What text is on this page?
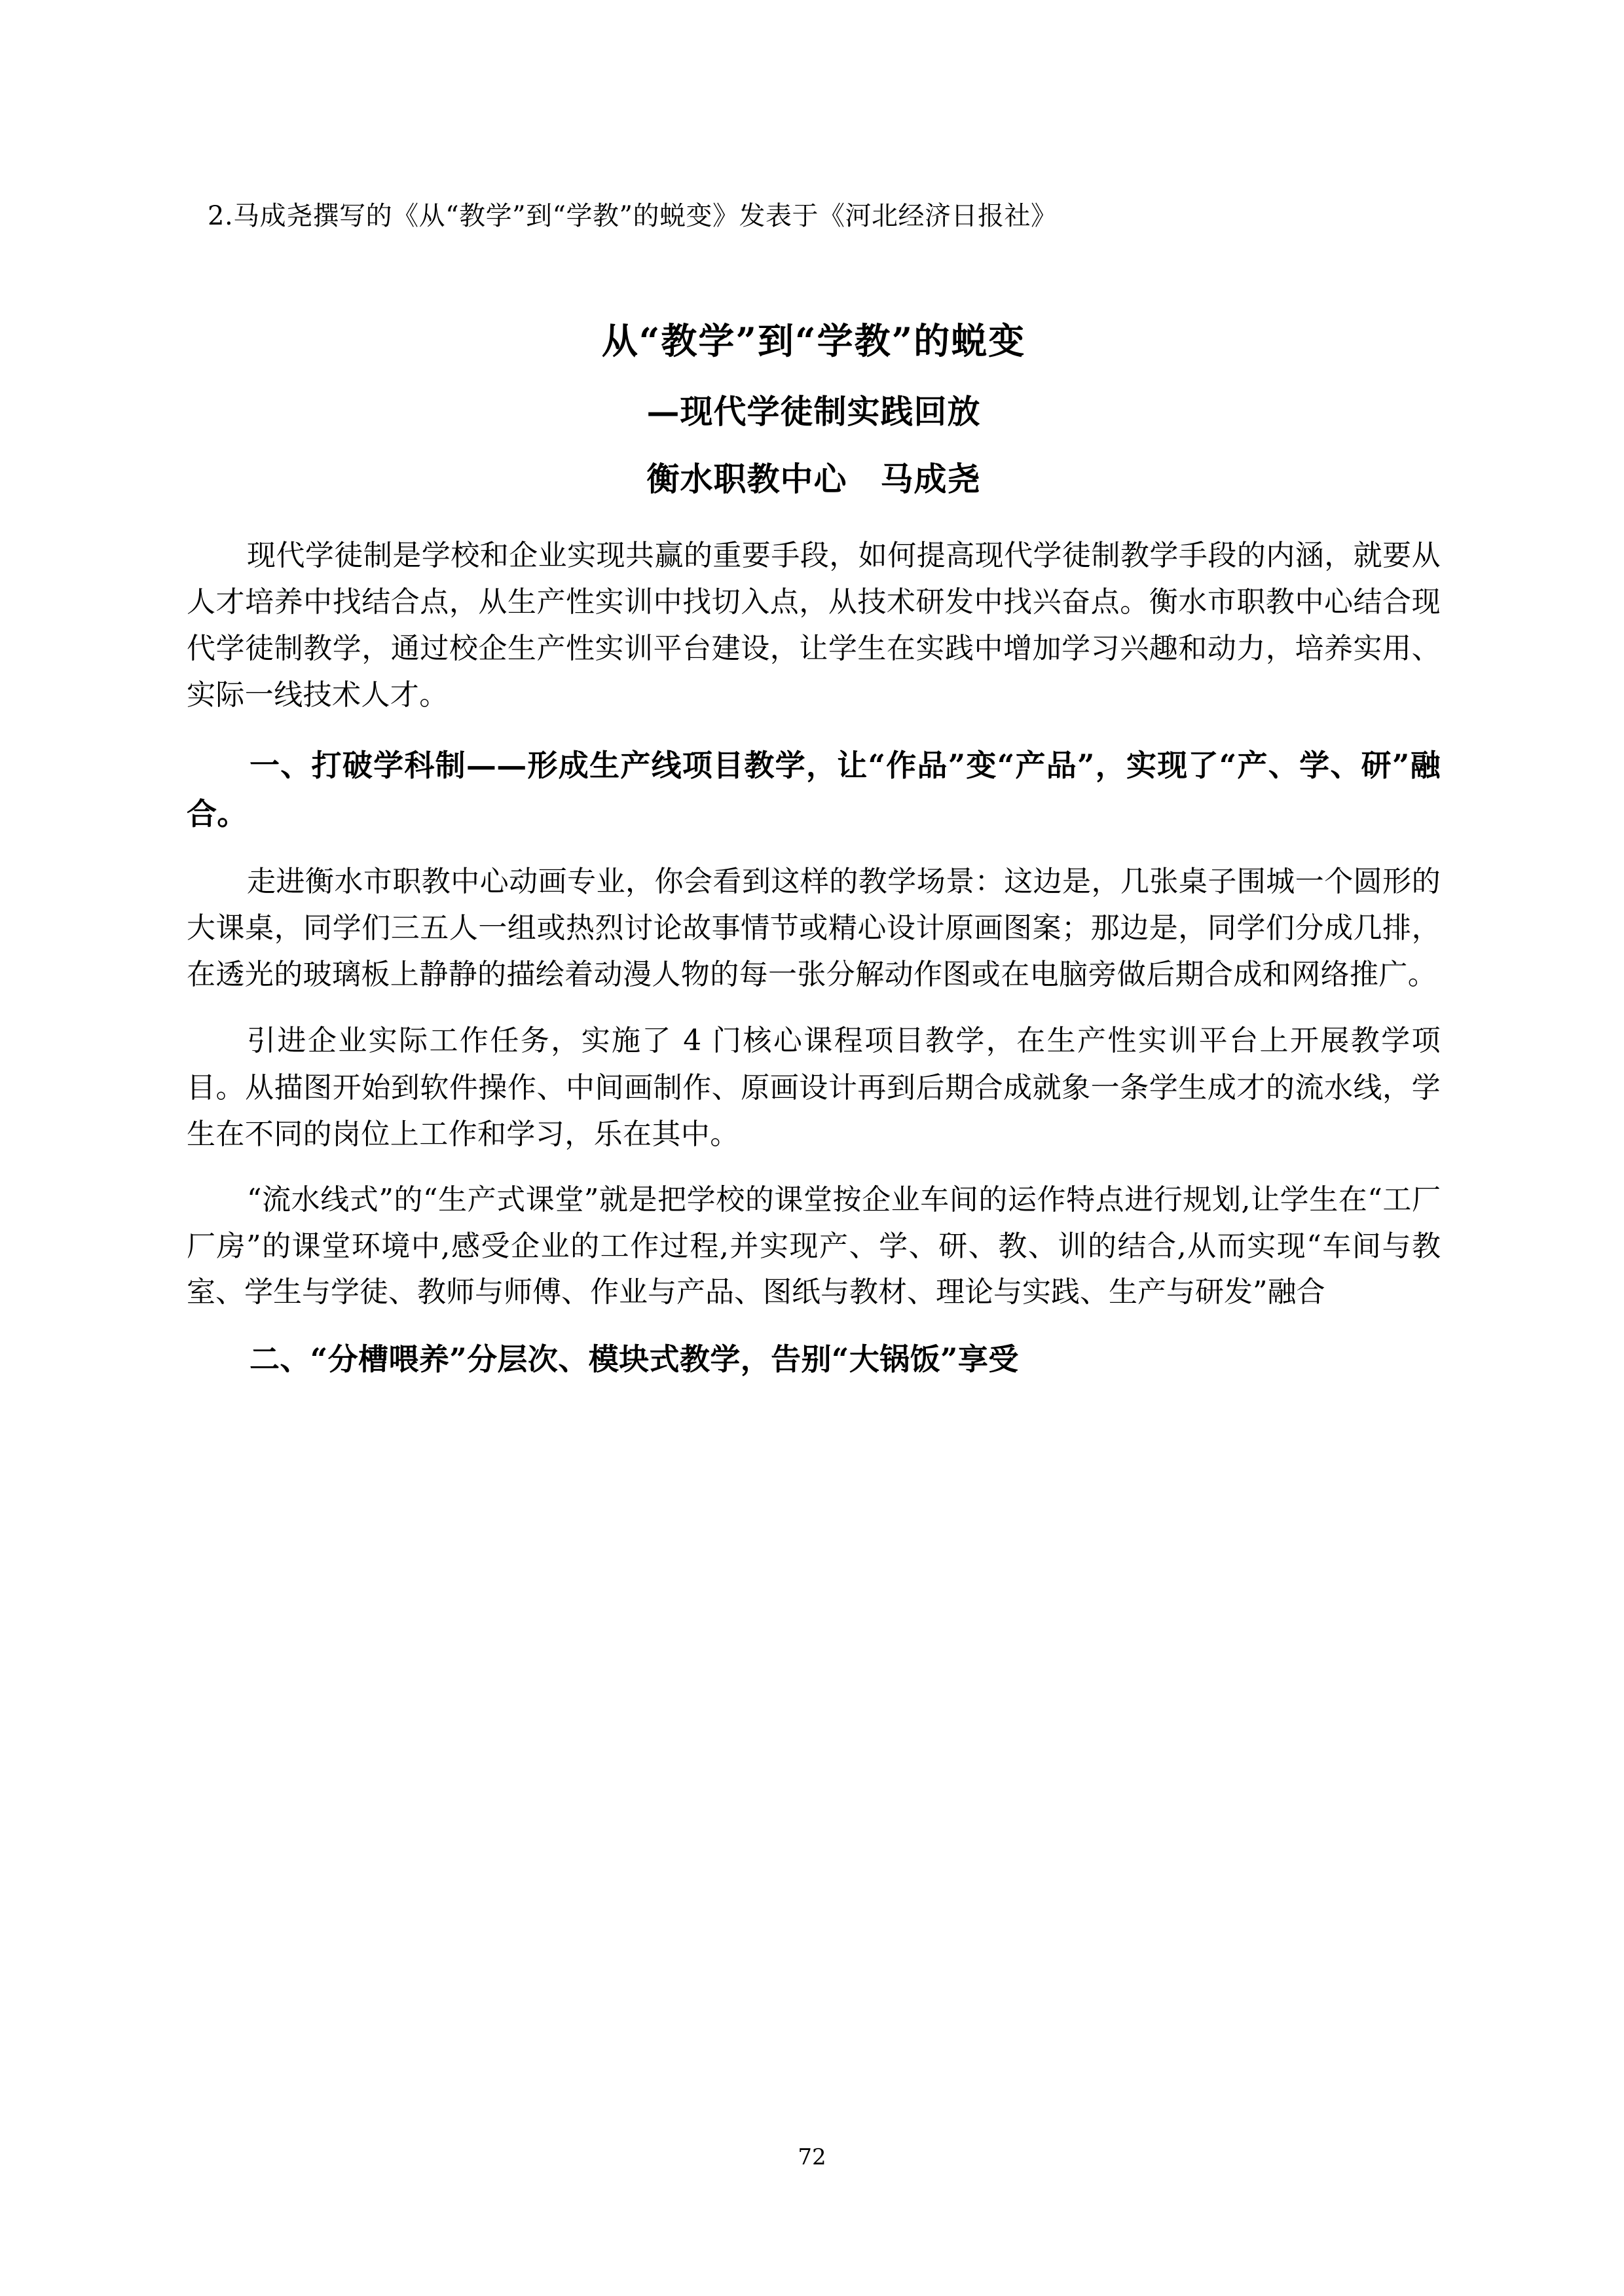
2.马成尧撰写的《从“教学”到“学教”的蜕变》发表于《河北经济日报社》

从“教学”到“学教”的蜕变
—现代学徒制实践回放
衡水职教中心　马成尧

现代学徒制是学校和企业实现共赢的重要手段，如何提高现代学徒制教学手段的内涵，就要从人才培养中找结合点，从生产性实训中找切入点，从技术研发中找兴奋点。衡水市职教中心结合现代学徒制教学，通过校企生产性实训平台建设，让学生在实践中增加学习兴趣和动力，培养实用、实际一线技术人才。

一、打破学科制——形成生产线项目教学，让“作品”变“产品”，实现了“产、学、研”融合。

走进衡水市职教中心动画专业，你会看到这样的教学场景：这边是，几张桌子围城一个圆形的大课桌，同学们三五人一组或热烈讨论故事情节或精心设计原画图案；那边是，同学们分成几排，在透光的玻璃板上静静的描绘着动漫人物的每一张分解动作图或在电脑旁做后期合成和网络推广。

引进企业实际工作任务，实施了 4 门核心课程项目教学，在生产性实训平台上开展教学项目。从描图开始到软件操作、中间画制作、原画设计再到后期合成就象一条学生成才的流水线，学生在不同的岗位上工作和学习，乐在其中。

“流水线式”的“生产式课堂”就是把学校的课堂按企业车间的运作特点进行规划,让学生在“工厂厂房”的课堂环境中,感受企业的工作过程,并实现产、学、研、教、训的结合,从而实现“车间与教室、学生与学徒、教师与师傅、作业与产品、图纸与教材、理论与实践、生产与研发”融合

二、“分槽喂养”分层次、模块式教学，告别“大锅饭”享受

72
